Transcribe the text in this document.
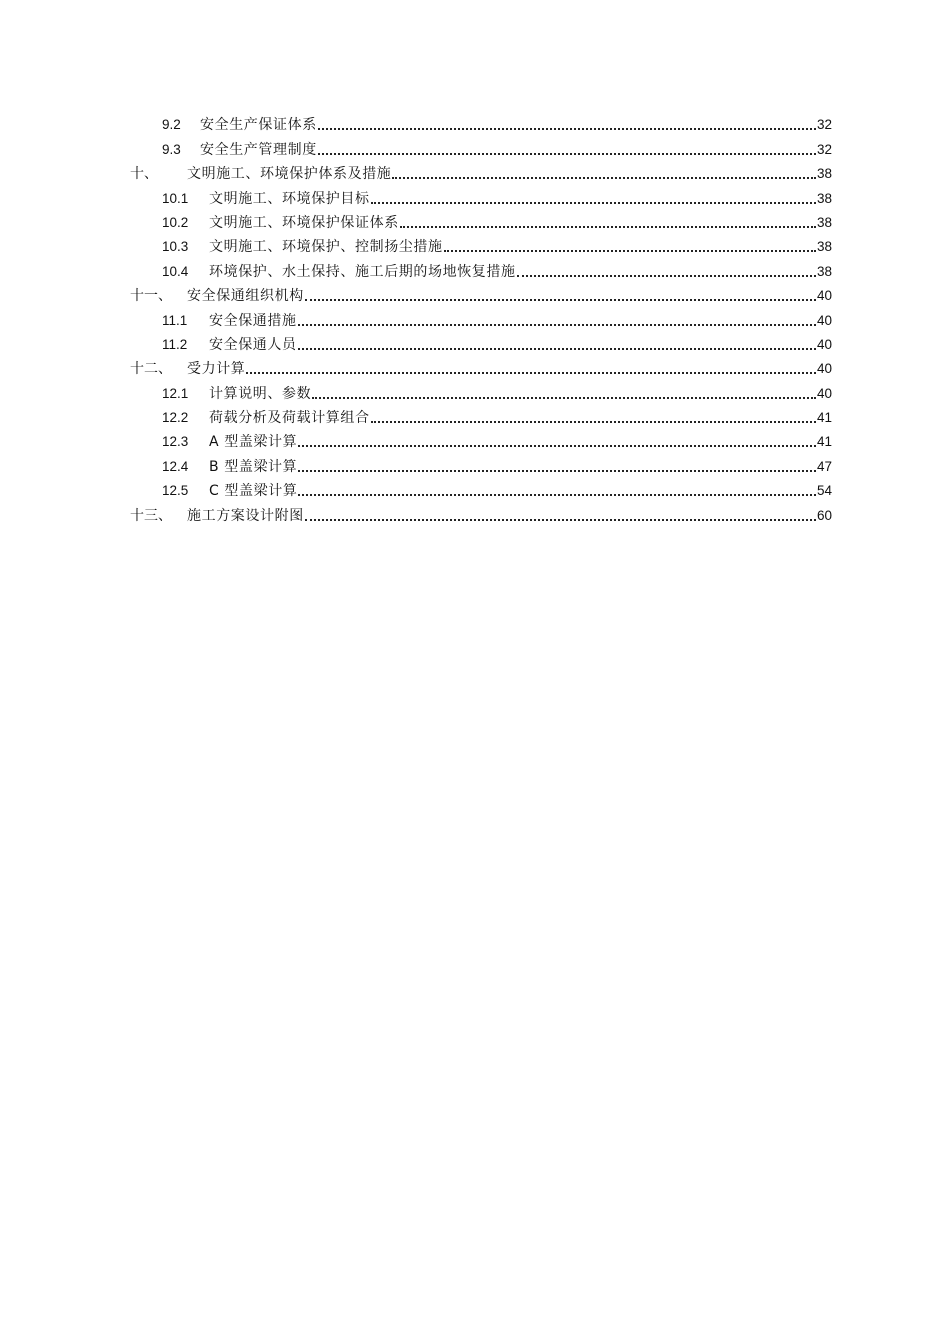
9.2	安全生产保证体系	32
9.3	安全生产管理制度	32
十、	文明施工、环境保护体系及措施	38
10.1	文明施工、环境保护目标	38
10.2	文明施工、环境保护保证体系	38
10.3	文明施工、环境保护、控制扬尘措施	38
10.4	环境保护、水土保持、施工后期的场地恢复措施	38
十一、	安全保通组织机构	40
11.1	安全保通措施	40
11.2	安全保通人员	40
十二、	受力计算	40
12.1	计算说明、参数	40
12.2	荷载分析及荷载计算组合	41
12.3	A 型盖梁计算	41
12.4	B 型盖梁计算	47
12.5	C 型盖梁计算	54
十三、	施工方案设计附图	60
